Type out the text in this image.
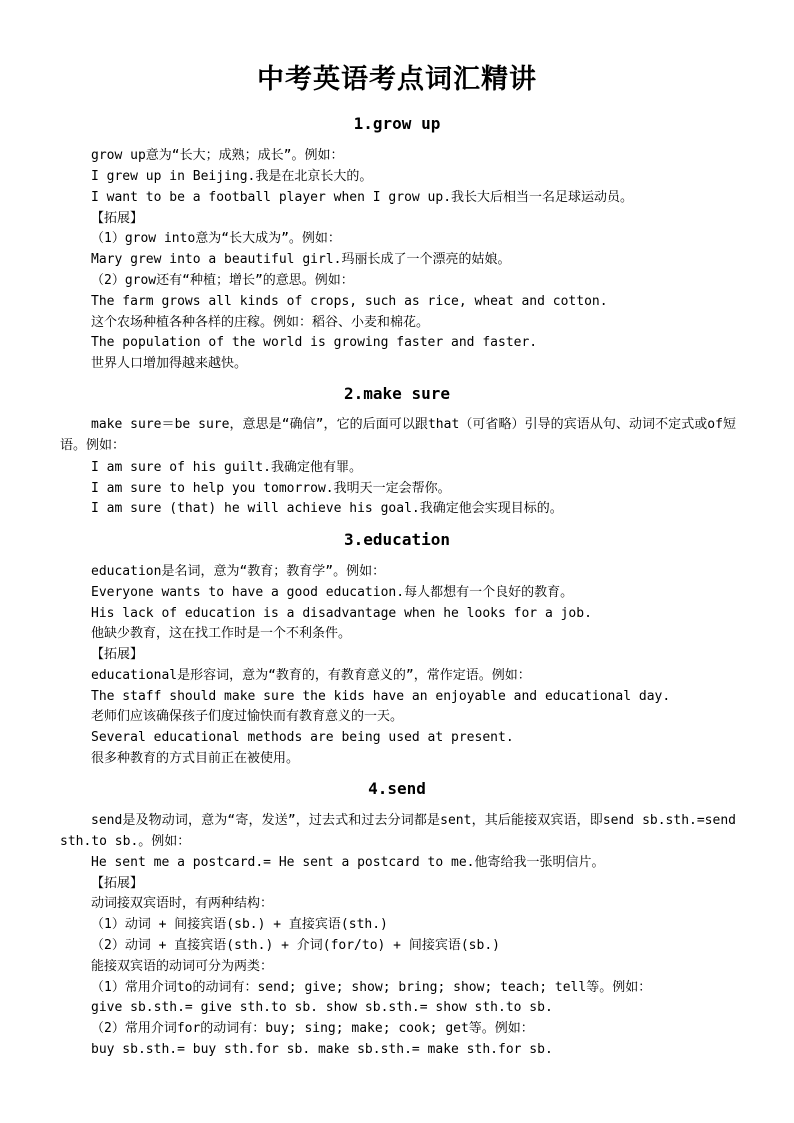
中考英语考点词汇精讲
1.grow up
grow up意为“长大；成熟；成长”。例如：
I grew up in Beijing.我是在北京长大的。
I want to be a football player when I grow up.我长大后相当一名足球运动员。
【拓展】
（1）grow into意为“长大成为”。例如：
Mary grew into a beautiful girl.玛丽长成了一个漂亮的姑娘。
（2）grow还有“种植；增长”的意思。例如：
The farm grows all kinds of crops, such as rice, wheat and cotton.
这个农场种植各种各样的庄稼。例如：稻谷、小麦和棉花。
The population of the world is growing faster and faster.
世界人口增加得越来越快。
2.make sure
make sure＝be sure，意思是“确信”，它的后面可以跟that（可省略）引导的宾语从句、动词不定式或of短语。例如：
I am sure of his guilt.我确定他有罪。
I am sure to help you tomorrow.我明天一定会帮你。
I am sure (that) he will achieve his goal.我确定他会实现目标的。
3.education
education是名词，意为“教育；教育学”。例如：
Everyone wants to have a good education.每人都想有一个良好的教育。
His lack of education is a disadvantage when he looks for a job.
他缺少教育，这在找工作时是一个不利条件。
【拓展】
educational是形容词，意为“教育的，有教育意义的”，常作定语。例如：
The staff should make sure the kids have an enjoyable and educational day.
老师们应该确保孩子们度过愉快而有教育意义的一天。
Several educational methods are being used at present.
很多种教育的方式目前正在被使用。
4.send
send是及物动词，意为“寄，发送”，过去式和过去分词都是sent，其后能接双宾语，即send sb.sth.=send sth.to sb.。例如：
He sent me a postcard.= He sent a postcard to me.他寄给我一张明信片。
【拓展】
动词接双宾语时，有两种结构：
（1）动词 + 间接宾语(sb.) + 直接宾语(sth.)
（2）动词 + 直接宾语(sth.) + 介词(for/to) + 间接宾语(sb.)
能接双宾语的动词可分为两类：
（1）常用介词to的动词有：send; give; show; bring; show; teach; tell等。例如：
give sb.sth.= give sth.to sb. show sb.sth.= show sth.to sb.
（2）常用介词for的动词有：buy; sing; make; cook; get等。例如：
buy sb.sth.= buy sth.for sb. make sb.sth.= make sth.for sb.
